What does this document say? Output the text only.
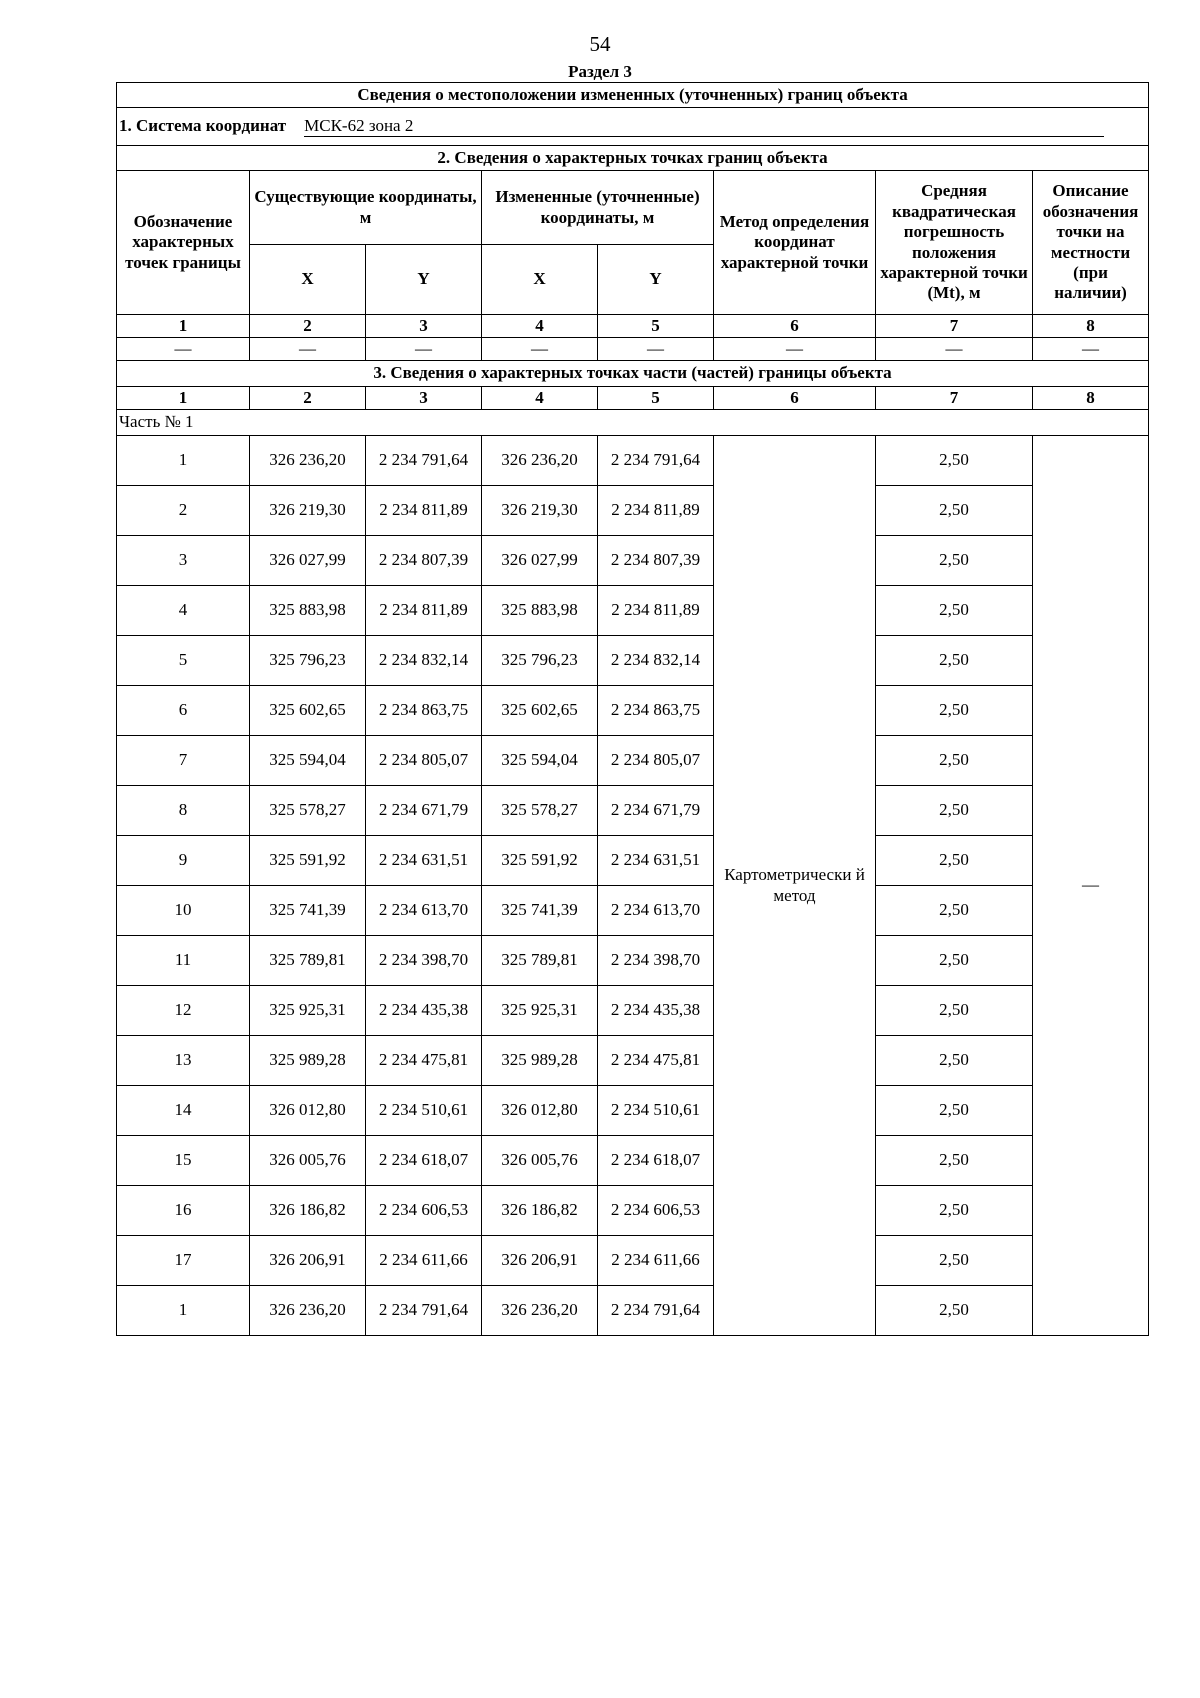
54
Раздел 3
Сведения о местоположении измененных (уточненных) границ объекта							
1. Система координат МСК-62 зона 2							
2. Сведения о характерных точках границ объекта							
Обозначение характерных точек границы	Существующие координаты, м		Измененные (уточненные) координаты, м		Метод определения координат характерной точки	Средняя квадратическая погрешность положения характерной точки (Mt), м	Описание обозначения точки на местности (при наличии)
	X	Y	X	Y			
1	2	3	4	5	6	7	8
—	—	—	—	—	—	—	—
3. Сведения о характерных точках части (частей) границы объекта							
1	2	3	4	5	6	7	8
Часть № 1							
1	326 236,20	2 234 791,64	326 236,20	2 234 791,64	Картометрически й метод	2,50	—
2	326 219,30	2 234 811,89	326 219,30	2 234 811,89		2,50	
3	326 027,99	2 234 807,39	326 027,99	2 234 807,39		2,50	
4	325 883,98	2 234 811,89	325 883,98	2 234 811,89		2,50	
5	325 796,23	2 234 832,14	325 796,23	2 234 832,14		2,50	
6	325 602,65	2 234 863,75	325 602,65	2 234 863,75		2,50	
7	325 594,04	2 234 805,07	325 594,04	2 234 805,07		2,50	
8	325 578,27	2 234 671,79	325 578,27	2 234 671,79		2,50	
9	325 591,92	2 234 631,51	325 591,92	2 234 631,51		2,50	
10	325 741,39	2 234 613,70	325 741,39	2 234 613,70		2,50	
11	325 789,81	2 234 398,70	325 789,81	2 234 398,70		2,50	
12	325 925,31	2 234 435,38	325 925,31	2 234 435,38		2,50	
13	325 989,28	2 234 475,81	325 989,28	2 234 475,81		2,50	
14	326 012,80	2 234 510,61	326 012,80	2 234 510,61		2,50	
15	326 005,76	2 234 618,07	326 005,76	2 234 618,07		2,50	
16	326 186,82	2 234 606,53	326 186,82	2 234 606,53		2,50	
17	326 206,91	2 234 611,66	326 206,91	2 234 611,66		2,50	
1	326 236,20	2 234 791,64	326 236,20	2 234 791,64		2,50	
